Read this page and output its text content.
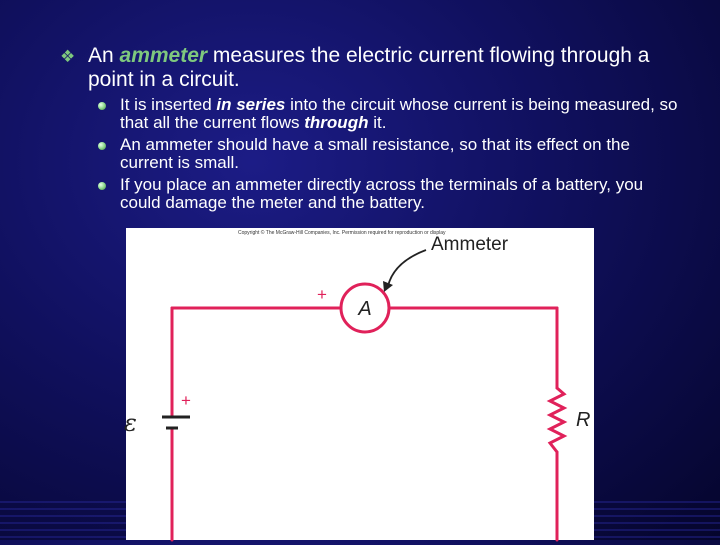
❖ An ammeter measures the electric current flowing through a point in a circuit.
It is inserted in series into the circuit whose current is being measured, so that all the current flows through it.
An ammeter should have a small resistance, so that its effect on the current is small.
If you place an ammeter directly across the terminals of a battery, you could damage the meter and the battery.
Copyright © The McGraw-Hill Companies, Inc. Permission required for reproduction or display
Ammeter
A
+
+
ε	R
